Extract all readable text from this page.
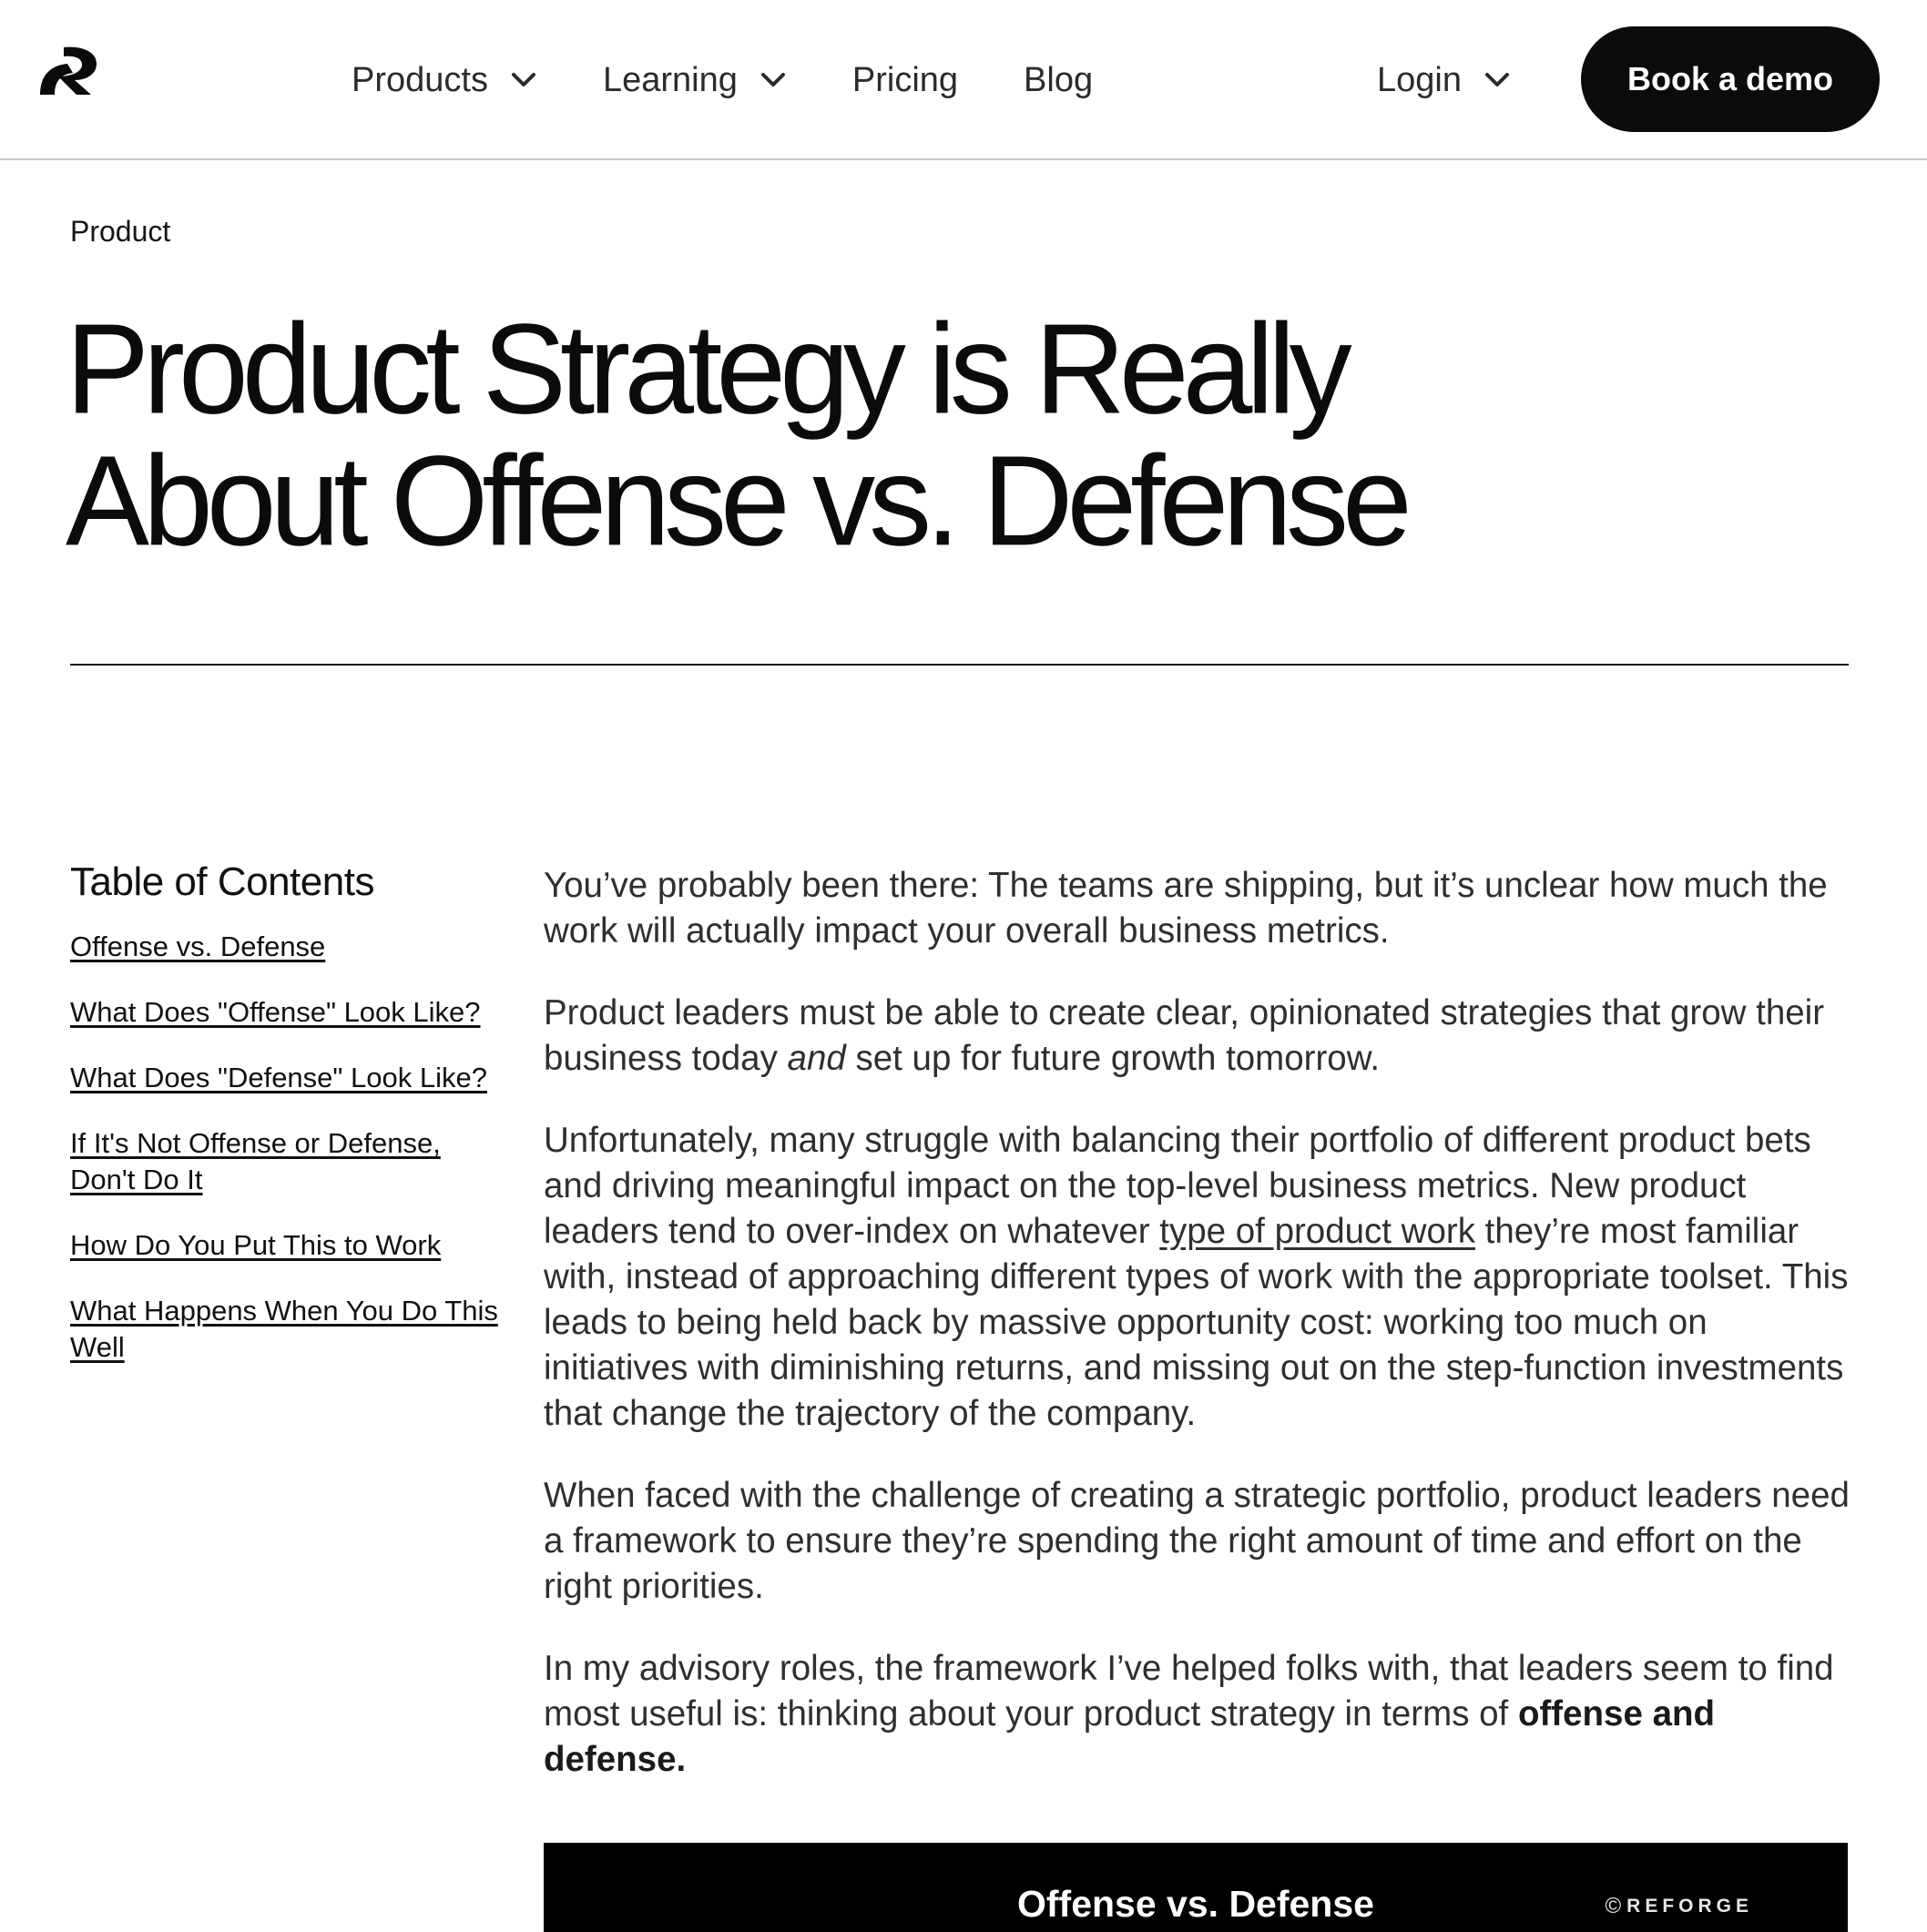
Products	Learning	Pricing Blog	Login	Book a demo
Product
Product Strategy is Really
About Offense vs. Defense
Table of Contents
Offense vs. Defense
What Does "Offense" Look Like?
What Does "Defense" Look Like?
If It's Not Offense or Defense, Don't Do It
How Do You Put This to Work
What Happens When You Do This Well

You’ve probably been there: The teams are shipping, but it’s unclear how much the work will actually impact your overall business metrics.

Product leaders must be able to create clear, opinionated strategies that grow their business today and set up for future growth tomorrow.

Unfortunately, many struggle with balancing their portfolio of different product bets and driving meaningful impact on the top-level business metrics. New product leaders tend to over-index on whatever type of product work they’re most familiar with, instead of approaching different types of work with the appropriate toolset. This leads to being held back by massive opportunity cost: working too much on initiatives with diminishing returns, and missing out on the step-function investments that change the trajectory of the company.

When faced with the challenge of creating a strategic portfolio, product leaders need a framework to ensure they’re spending the right amount of time and effort on the right priorities.

In my advisory roles, the framework I’ve helped folks with, that leaders seem to find most useful is: thinking about your product strategy in terms of offense and defense.

Offense vs. Defense	© REFORGE
